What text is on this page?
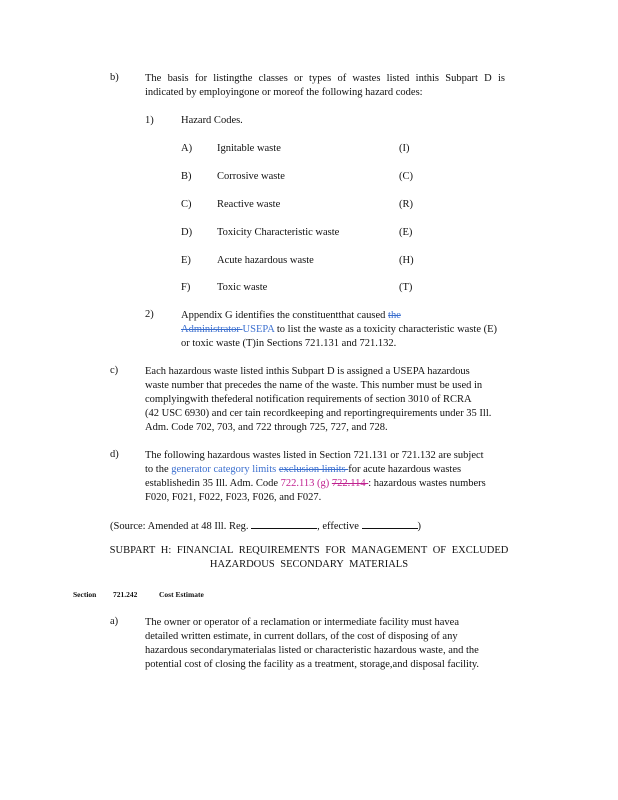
b)	The basis for listingthe classes or types of wastes listed inthis Subpart D is
indicated by employingone or moreof the following hazard codes:
1)	Hazard Codes.
A) Ignitable waste	(I)
B) Corrosive waste	(C)
C) Reactive waste	(R)
D) Toxicity Characteristic waste	(E)
E) Acute hazardous waste	(H)
F)	Toxic waste	(T)
2)	Appendix G identifies the constituentthat caused the
Administrator USEPA to list the waste as a toxicity characteristic waste (E)
or toxic waste (T)in Sections 721.131 and 721.132.
c)	Each hazardous waste listed inthis Subpart D is assigned a USEPA hazardous
waste number that precedes the name of the waste. This number must be used in
complyingwith thefederal notification requirements of section 3010 of RCRA
(42 USC 6930) and cer tain recordkeeping and reportingrequirements under 35 Ill.
Adm. Code 702, 703, and 722 through 725, 727, and 728.
d)	The following hazardous wastes listed in Section 721.131 or 721.132 are subject
to the generator category limits exclusion limits for acute hazardous wastes
establishedin 35 Ill. Adm. Code 722.113 (g) 722.114 : hazardous wastes numbers
F020, F021, F022, F023, F026, and F027.
(Source: Amended at 48 Ill. Reg.	, effective	)
SUBPART H: FINANCIAL REQUIREMENTS FOR MANAGEMENT OF EXCLUDED
HAZARDOUS SECONDARY MATERIALS
Section 721.242	Cost Estimate
a)	The owner or operator of a reclamation or intermediate facility must havea
detailed written estimate, in current dollars, of the cost of disposing of any
hazardous secondarymaterialas listed or characteristic hazardous waste, and the
potential cost of closing the facility as a treatment, storage,and disposal facility.
